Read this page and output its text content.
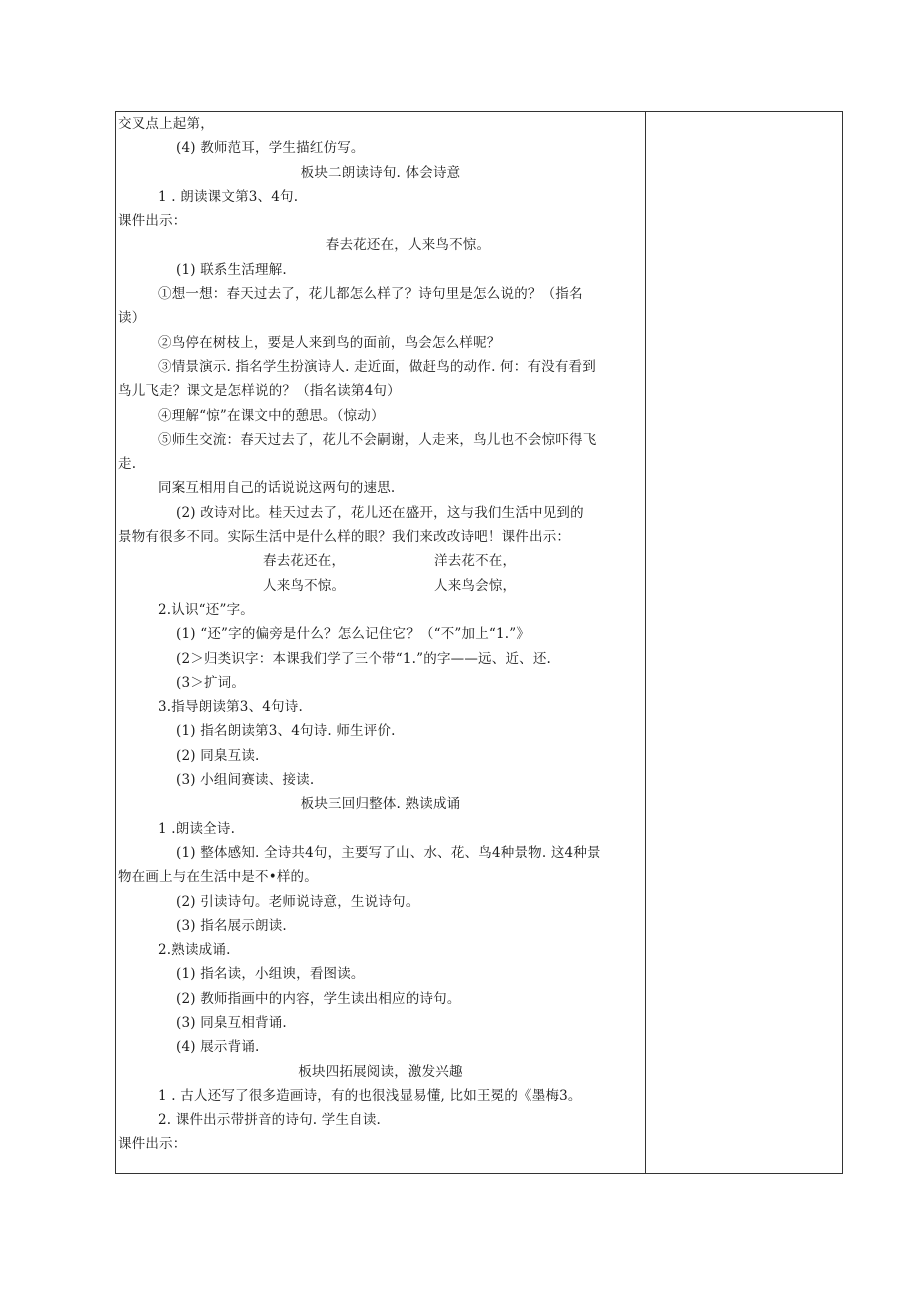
交叉点上起第，
(4) 教师范耳，学生描红仿写。
板块二朗读诗旬. 体会诗意
1 . 朗读课文第3、4句.
课件出示：
春去花还在，人来鸟不惊。
(1) 联系生活理解.
①想一想：春天过去了，花儿都怎么样了？诗句里是怎么说的？（指名
读）
②鸟停在树枝上，要是人来到鸟的面前，鸟会怎么样呢？
③情景演示. 指名学生扮演诗人. 走近面，做赶鸟的动作. 何：有没有看到
鸟儿飞走？课文是怎样说的？（指名读第4句）
④理解“惊”在课文中的憩思。（惊动）
⑤师生交流：春天过去了，花儿不会嗣谢，人走来，鸟儿也不会惊吓得飞
走.
同案互相用自己的话说说这两句的速思.
(2) 改诗对比。桂天过去了，花儿还在盛开，这与我们生活中见到的
景物有很多不同。实际生活中是什么样的眼？我们来改改诗吧！课件出示：
春去花还在，	洋去花不在，
人来鸟不惊。	人来鸟会惊，
2.认识“还”字。
(1) “还”字的偏旁是什么？怎么记住它？（“不”加上“1.”》
(2＞归类识字：本课我们学了三个带“1.”的字——远、近、还.
(3＞扩词。
3.指导朗读第3、4句诗.
(1) 指名朗读第3、4句诗. 师生评价.
(2) 同臬互读.
(3) 小组间赛读、接读.
板块三回归整体. 熟读成诵
1 .朗读全诗.
(1) 整体感知. 全诗共4句，主要写了山、水、花、鸟4种景物. 这4种景
物在画上与在生活中是不•样的。
(2) 引读诗句。老师说诗意，生说诗句。
(3) 指名展示朗读.
2.熟读成诵.
(1) 指名读，小组谀，看图读。
(2) 教师指画中的内容，学生读出相应的诗句。
(3) 同臬互相背诵.
(4) 展示背诵.
板块四拓展阅读，激发兴趣
1 . 古人还写了很多造画诗，有的也很浅显易懂, 比如王冕的《墨梅3。
2. 课件出示带拼音的诗句. 学生自读.
课件出示：
